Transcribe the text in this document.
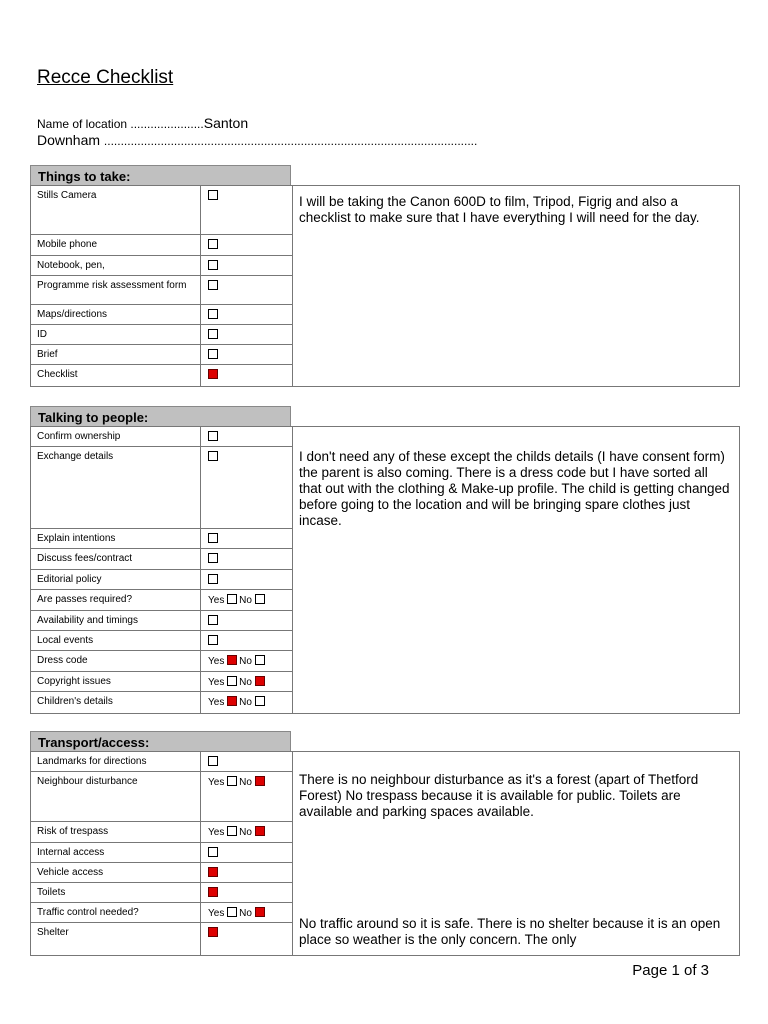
Recce Checklist
Name of location ......................Santon
Downham ................................................................................................................
Things to take:
Stills Camera
Mobile phone
Notebook, pen,
Programme risk assessment form
Maps/directions
ID
Brief
Checklist

I will be taking the Canon 600D to film, Tripod, Figrig and also a checklist to make sure that I have everything I will need for the day.

Talking to people:
Confirm ownership
Exchange details
Explain intentions
Discuss fees/contract
Editorial policy
Are passes required?	Yes No
Availability and timings
Local events
Dress code	Yes No
Copyright issues	Yes No
Children's details	Yes No

I don't need any of these except the childs details (I have consent form) the parent is also coming. There is a dress code but I have sorted all that out with the clothing & Make-up profile. The child is getting changed before going to the location and will be bringing spare clothes just incase.

Transport/access:
Landmarks for directions
Neighbour disturbance	Yes No
Risk of trespass	Yes No
Internal access
Vehicle access
Toilets
Traffic control needed?	Yes No
Shelter

There is no neighbour disturbance as it's a forest (apart of Thetford Forest) No trespass because it is available for public. Toilets are available and parking spaces available.

No traffic around so it is safe. There is no shelter because it is an open place so weather is the only concern. The only

Page 1 of 3
